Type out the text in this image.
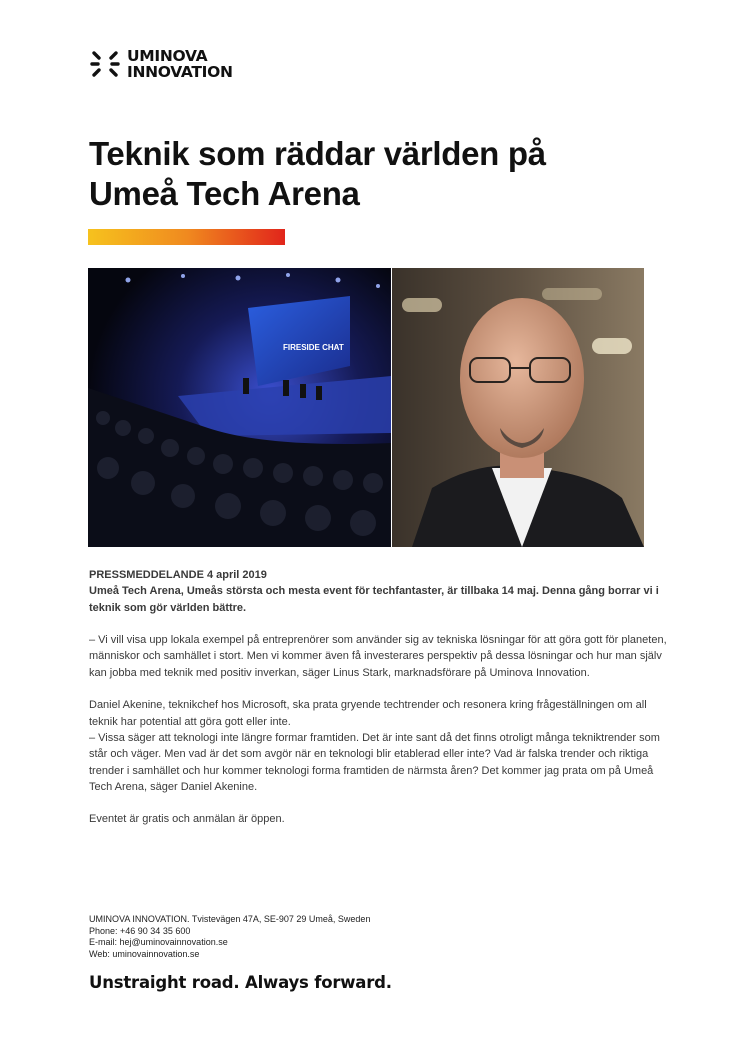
UMINOVA
INNOVATION
Teknik som räddar världen på
Umeå Tech Arena
FIRESIDE CHAT

PRESSMEDDELANDE 4 april 2019

Umeå Tech Arena, Umeås största och mesta event för techfantaster, är tillbaka 14 maj. Denna gång borrar vi i teknik som gör världen bättre.

– Vi vill visa upp lokala exempel på entreprenörer som använder sig av tekniska lösningar för att göra gott för planeten, människor och samhället i stort. Men vi kommer även få investerares perspektiv på dessa lösningar och hur man själv kan jobba med teknik med positiv inverkan, säger Linus Stark, marknadsförare på Uminova Innovation.

Daniel Akenine, teknikchef hos Microsoft, ska prata gryende techtrender och resonera kring frågeställningen om all teknik har potential att göra gott eller inte.

– Vissa säger att teknologi inte längre formar framtiden. Det är inte sant då det finns otroligt många tekniktrender som står och väger. Men vad är det som avgör när en teknologi blir etablerad eller inte? Vad är falska trender och riktiga trender i samhället och hur kommer teknologi forma framtiden de närmsta åren? Det kommer jag prata om på Umeå Tech Arena, säger Daniel Akenine.

Eventet är gratis och anmälan är öppen.

UMINOVA INNOVATION. Tvistevägen 47A, SE-907 29 Umeå, Sweden
Phone: +46 90 34 35 600
E-mail: hej@uminovainnovation.se
Web: uminovainnovation.se
Unstraight road. Always forward.
